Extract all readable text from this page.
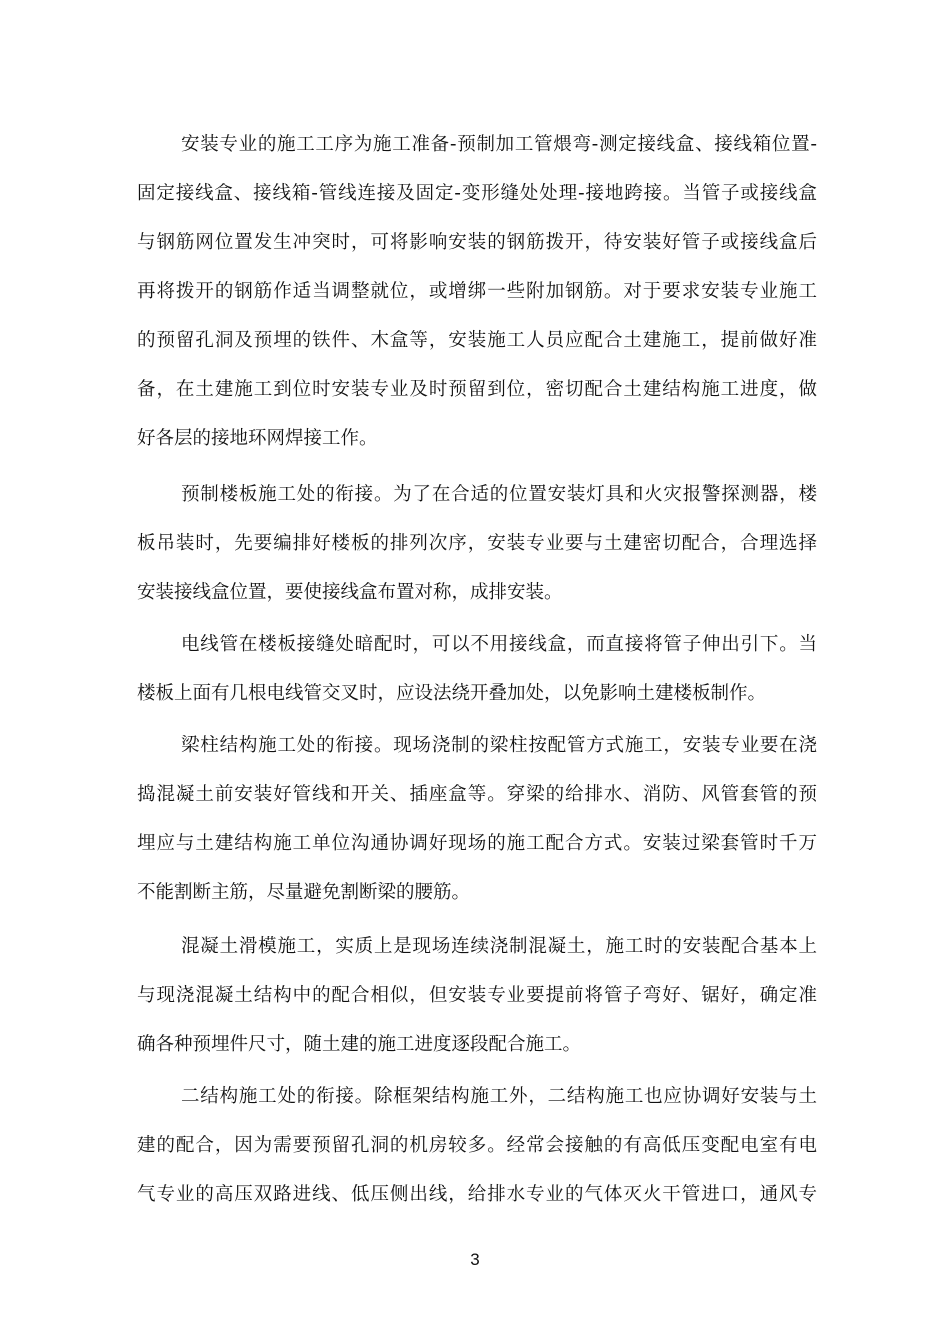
安装专业的施工工序为施工准备-预制加工管煨弯-测定接线盒、接线箱位置-
固定接线盒、接线箱-管线连接及固定-变形缝处处理-接地跨接。当管子或接线盒
与钢筋网位置发生冲突时，可将影响安装的钢筋拨开，待安装好管子或接线盒后
再将拨开的钢筋作适当调整就位，或增绑一些附加钢筋。对于要求安装专业施工
的预留孔洞及预埋的铁件、木盒等，安装施工人员应配合土建施工，提前做好准
备，在土建施工到位时安装专业及时预留到位，密切配合土建结构施工进度，做
好各层的接地环网焊接工作。
预制楼板施工处的衔接。为了在合适的位置安装灯具和火灾报警探测器，楼
板吊装时，先要编排好楼板的排列次序，安装专业要与土建密切配合，合理选择
安装接线盒位置，要使接线盒布置对称，成排安装。
电线管在楼板接缝处暗配时，可以不用接线盒，而直接将管子伸出引下。当
楼板上面有几根电线管交叉时，应设法绕开叠加处，以免影响土建楼板制作。
梁柱结构施工处的衔接。现场浇制的梁柱按配管方式施工，安装专业要在浇
捣混凝土前安装好管线和开关、插座盒等。穿梁的给排水、消防、风管套管的预
埋应与土建结构施工单位沟通协调好现场的施工配合方式。安装过梁套管时千万
不能割断主筋，尽量避免割断梁的腰筋。
混凝土滑模施工，实质上是现场连续浇制混凝土，施工时的安装配合基本上
与现浇混凝土结构中的配合相似，但安装专业要提前将管子弯好、锯好，确定准
确各种预埋件尺寸，随土建的施工进度逐段配合施工。
二结构施工处的衔接。除框架结构施工外，二结构施工也应协调好安装与土
建的配合，因为需要预留孔洞的机房较多。经常会接触的有高低压变配电室有电
气专业的高压双路进线、低压侧出线，给排水专业的气体灭火干管进口，通风专
3
